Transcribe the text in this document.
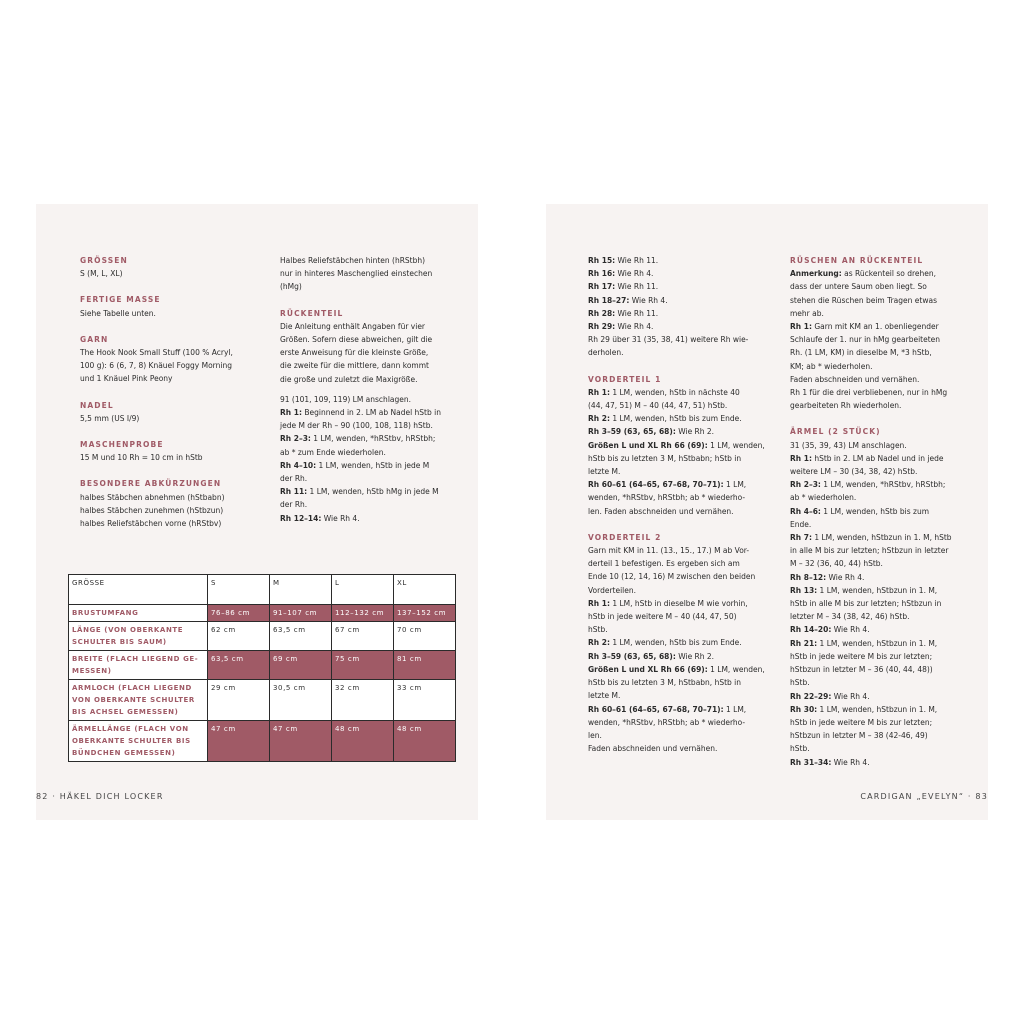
GRÖSSEN

S (M, L, XL)

FERTIGE MASSE

Siehe Tabelle unten.

GARN

The Hook Nook Small Stuff (100 % Acryl,
100 g): 6 (6, 7, 8) Knäuel Foggy Morning
und 1 Knäuel Pink Peony

NADEL

5,5 mm (US I/9)

MASCHENPROBE

15 M und 10 Rh = 10 cm in hStb

BESONDERE ABKÜRZUNGEN

halbes Stäbchen abnehmen (hStbabn)
halbes Stäbchen zunehmen (hStbzun)
halbes Reliefstäbchen vorne (hRStbv)

Halbes Reliefstäbchen hinten (hRStbh)
nur in hinteres Maschenglied einstechen
(hMg)

RÜCKENTEIL

Die Anleitung enthält Angaben für vier
Größen. Sofern diese abweichen, gilt die
erste Anweisung für die kleinste Größe,
die zweite für die mittlere, dann kommt
die große und zuletzt die Maxigröße.

91 (101, 109, 119) LM anschlagen.

Rh 1: Beginnend in 2. LM ab Nadel hStb in
jede M der Rh – 90 (100, 108, 118) hStb.

Rh 2–3: 1 LM, wenden, *hRStbv, hRStbh;
ab * zum Ende wiederholen.

Rh 4–10: 1 LM, wenden, hStb in jede M
der Rh.

Rh 11: 1 LM, wenden, hStb hMg in jede M
der Rh.

Rh 12–14: Wie Rh 4.

GRÖSSE	S	M	L	XL
BRUSTUMFANG	76–86 cm	91–107 cm	112–132 cm	137–152 cm
LÄNGE (VON OBERKANTE
SCHULTER BIS SAUM)	62 cm	63,5 cm	67 cm	70 cm
BREITE (FLACH LIEGEND GE-
MESSEN)	63,5 cm	69 cm	75 cm	81 cm
ARMLOCH (FLACH LIEGEND
VON OBERKANTE SCHULTER
BIS ACHSEL GEMESSEN)	29 cm	30,5 cm	32 cm	33 cm
ÄRMELLÄNGE (FLACH VON
OBERKANTE SCHULTER BIS
BÜNDCHEN GEMESSEN)	47 cm	47 cm	48 cm	48 cm
82 · HÄKEL DICH LOCKER

Rh 15: Wie Rh 11.

Rh 16: Wie Rh 4.

Rh 17: Wie Rh 11.

Rh 18–27: Wie Rh 4.

Rh 28: Wie Rh 11.

Rh 29: Wie Rh 4.

Rh 29 über 31 (35, 38, 41) weitere Rh wie-
derholen.

VORDERTEIL 1

Rh 1: 1 LM, wenden, hStb in nächste 40
(44, 47, 51) M – 40 (44, 47, 51) hStb.

Rh 2: 1 LM, wenden, hStb bis zum Ende.

Rh 3–59 (63, 65, 68): Wie Rh 2.

Größen L und XL Rh 66 (69): 1 LM, wenden,
hStb bis zu letzten 3 M, hStbabn; hStb in
letzte M.

Rh 60–61 (64–65, 67–68, 70–71): 1 LM,
wenden, *hRStbv, hRStbh; ab * wiederho-
len. Faden abschneiden und vernähen.

VORDERTEIL 2

Garn mit KM in 11. (13., 15., 17.) M ab Vor-
derteil 1 befestigen. Es ergeben sich am
Ende 10 (12, 14, 16) M zwischen den beiden
Vorderteilen.

Rh 1: 1 LM, hStb in dieselbe M wie vorhin,
hStb in jede weitere M – 40 (44, 47, 50)
hStb.

Rh 2: 1 LM, wenden, hStb bis zum Ende.

Rh 3–59 (63, 65, 68): Wie Rh 2.

Größen L und XL Rh 66 (69): 1 LM, wenden,
hStb bis zu letzten 3 M, hStbabn, hStb in
letzte M.

Rh 60–61 (64–65, 67–68, 70–71): 1 LM,
wenden, *hRStbv, hRStbh; ab * wiederho-
len.
Faden abschneiden und vernähen.

RÜSCHEN AN RÜCKENTEIL

Anmerkung: as Rückenteil so drehen,
dass der untere Saum oben liegt. So
stehen die Rüschen beim Tragen etwas
mehr ab.

Rh 1: Garn mit KM an 1. obenliegender
Schlaufe der 1. nur in hMg gearbeiteten
Rh. (1 LM, KM) in dieselbe M, *3 hStb,
KM; ab * wiederholen.
Faden abschneiden und vernähen.

Rh 1 für die drei verbliebenen, nur in hMg
gearbeiteten Rh wiederholen.

ÄRMEL (2 STÜCK)

31 (35, 39, 43) LM anschlagen.

Rh 1: hStb in 2. LM ab Nadel und in jede
weitere LM – 30 (34, 38, 42) hStb.

Rh 2–3: 1 LM, wenden, *hRStbv, hRStbh;
ab * wiederholen.

Rh 4–6: 1 LM, wenden, hStb bis zum
Ende.

Rh 7: 1 LM, wenden, hStbzun in 1. M, hStb
in alle M bis zur letzten; hStbzun in letzter
M – 32 (36, 40, 44) hStb.

Rh 8–12: Wie Rh 4.

Rh 13: 1 LM, wenden, hStbzun in 1. M,
hStb in alle M bis zur letzten; hStbzun in
letzter M – 34 (38, 42, 46) hStb.

Rh 14–20: Wie Rh 4.

Rh 21: 1 LM, wenden, hStbzun in 1. M,
hStb in jede weitere M bis zur letzten;
hStbzun in letzter M – 36 (40, 44, 48))
hStb.

Rh 22–29: Wie Rh 4.

Rh 30: 1 LM, wenden, hStbzun in 1. M,
hStb in jede weitere M bis zur letzten;
hStbzun in letzter M – 38 (42-46, 49)
hStb.

Rh 31–34: Wie Rh 4.

CARDIGAN „EVELYN“ · 83
